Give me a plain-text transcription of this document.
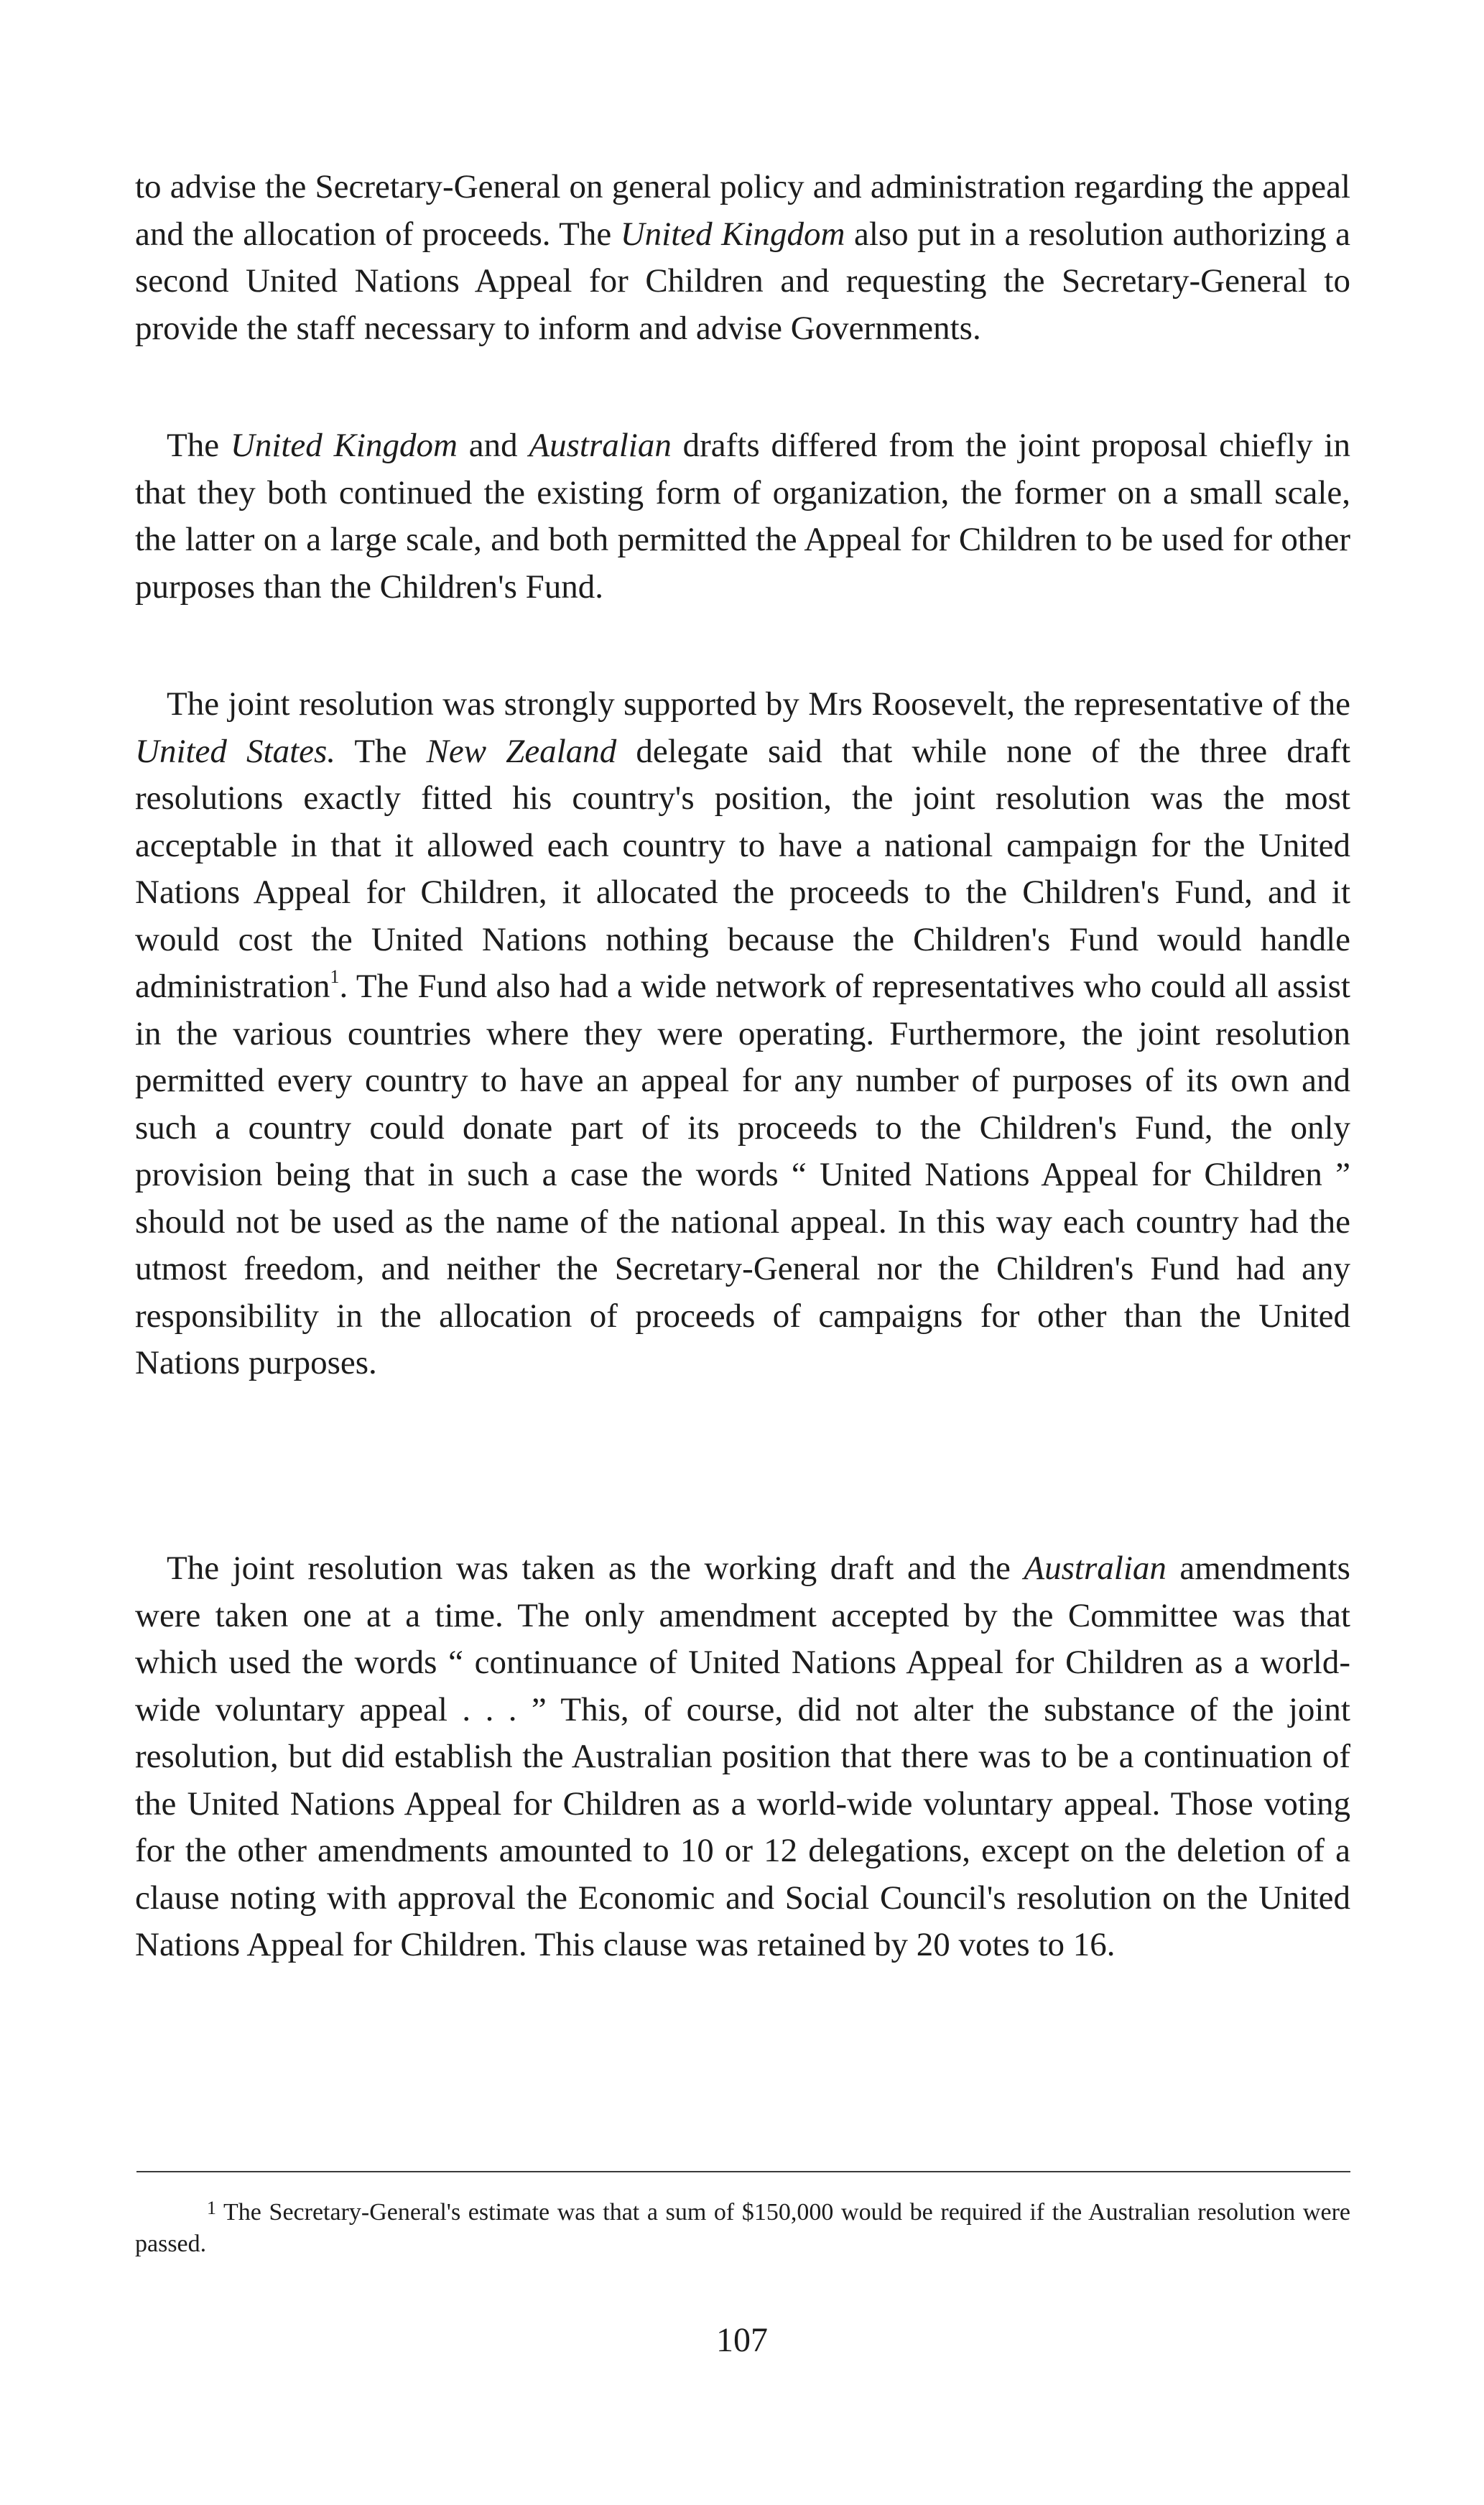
to advise the Secretary-General on general policy and administration regarding the appeal and the allocation of proceeds. The United Kingdom also put in a resolution authorizing a second United Nations Appeal for Children and requesting the Secretary-General to provide the staff necessary to inform and advise Governments.

The United Kingdom and Australian drafts differed from the joint proposal chiefly in that they both continued the existing form of organization, the former on a small scale, the latter on a large scale, and both permitted the Appeal for Children to be used for other purposes than the Children's Fund.

The joint resolution was strongly supported by Mrs Roosevelt, the representative of the United States. The New Zealand delegate said that while none of the three draft resolutions exactly fitted his country's position, the joint resolution was the most acceptable in that it allowed each country to have a national campaign for the United Nations Appeal for Children, it allocated the proceeds to the Children's Fund, and it would cost the United Nations nothing because the Children's Fund would handle administration$^1$. The Fund also had a wide network of representatives who could all assist in the various countries where they were operating. Furthermore, the joint resolution permitted every country to have an appeal for any number of purposes of its own and such a country could donate part of its proceeds to the Children's Fund, the only provision being that in such a case the words “ United Nations Appeal for Children ” should not be used as the name of the national appeal. In this way each country had the utmost freedom, and neither the Secretary-General nor the Children's Fund had any responsibility in the allocation of proceeds of campaigns for other than the United Nations purposes.

The joint resolution was taken as the working draft and the Australian amendments were taken one at a time. The only amendment accepted by the Committee was that which used the words “ continuance of United Nations Appeal for Children as a world-wide voluntary appeal . . . ” This, of course, did not alter the substance of the joint resolution, but did establish the Australian position that there was to be a continuation of the United Nations Appeal for Children as a world-wide voluntary appeal. Those voting for the other amendments amounted to 10 or 12 delegations, except on the deletion of a clause noting with approval the Economic and Social Council's resolution on the United Nations Appeal for Children. This clause was retained by 20 votes to 16.

$^1$ The Secretary-General's estimate was that a sum of $150,000 would be required if the Australian resolution were passed.

107
